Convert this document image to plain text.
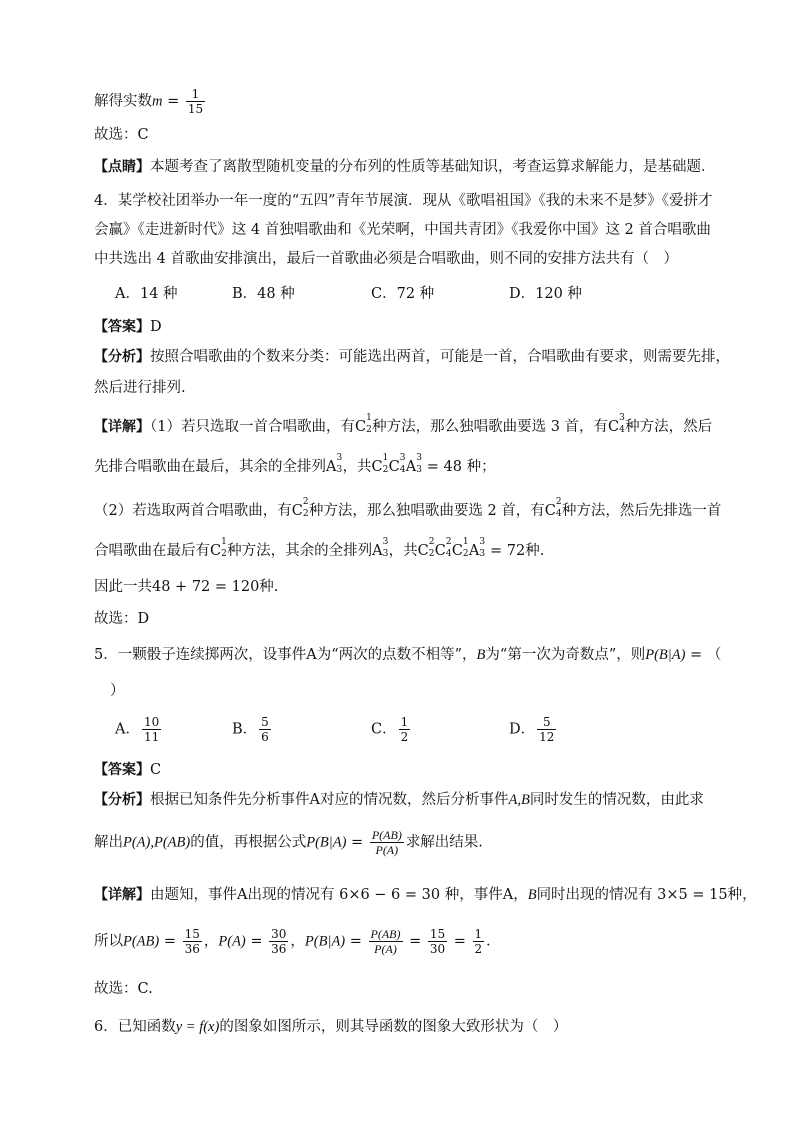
解得实数$m = \frac{1}{15}$
故选：C
【点睛】本题考查了离散型随机变量的分布列的性质等基础知识，考查运算求解能力，是基础题．
4．某学校社团举办一年一度的“五四”青年节展演．现从《歌唱祖国》《我的未来不是梦》《爱拼才
会赢》《走进新时代》这 4 首独唱歌曲和《光荣啊，中国共青团》《我爱你中国》这 2 首合唱歌曲
中共选出 4 首歌曲安排演出，最后一首歌曲必须是合唱歌曲，则不同的安排方法共有（　）
A．14 种	B．48 种	C．72 种	D．120 种
【答案】D
【分析】按照合唱歌曲的个数来分类：可能选出两首，可能是一首，合唱歌曲有要求，则需要先排，
然后进行排列.
【详解】（1）若只选取一首合唱歌曲，有C
1
2 种方法，那么独唱歌曲要选 3 首，有C
3
4 种方法，然后
先排合唱歌曲在最后，其余的全排列A
3
3 ，共C
1
2 C
3
4 A
3
3 = 48 种；
（2）若选取两首合唱歌曲，有C
2
2 种方法，那么独唱歌曲要选 2 首，有C
2
4 种方法，然后先排选一首
合唱歌曲在最后有C
1
2 种方法，其余的全排列A
3
3 ，共C
2
2 C
2
4 C
1
2 A
3
3 = 72种.
因此一共48 + 72 = 120种.
故选：D
5．一颗骰子连续掷两次，设事件A为“两次的点数不相等”，B为“第一次为奇数点”，则P(B|A) = （
）
A． $\frac{10}{11}$	B． $\frac{5}{6}$	C． $\frac{1}{2}$	D． $\frac{5}{12}$
【答案】C
【分析】根据已知条件先分析事件A对应的情况数，然后分析事件A,B同时发生的情况数，由此求
解出P(A),P(AB)的值，再根据公式$P(B|A) = \frac{P(AB)}{P(A)}$ 求解出结果.
【详解】由题知，事件A出现的情况有 6×6 − 6 = 30 种，事件A，B同时出现的情况有 3×5 = 15种，
所以$P(AB) = \frac{15}{36}$ ，$P(A) = \frac{30}{36}$ ，$P(B|A) = \frac{P(AB)}{P(A)} = \frac{15}{30} = \frac{1}{2}$ ．
故选：C.
6．已知函数y = f(x)的图象如图所示，则其导函数的图象大致形状为（　）
